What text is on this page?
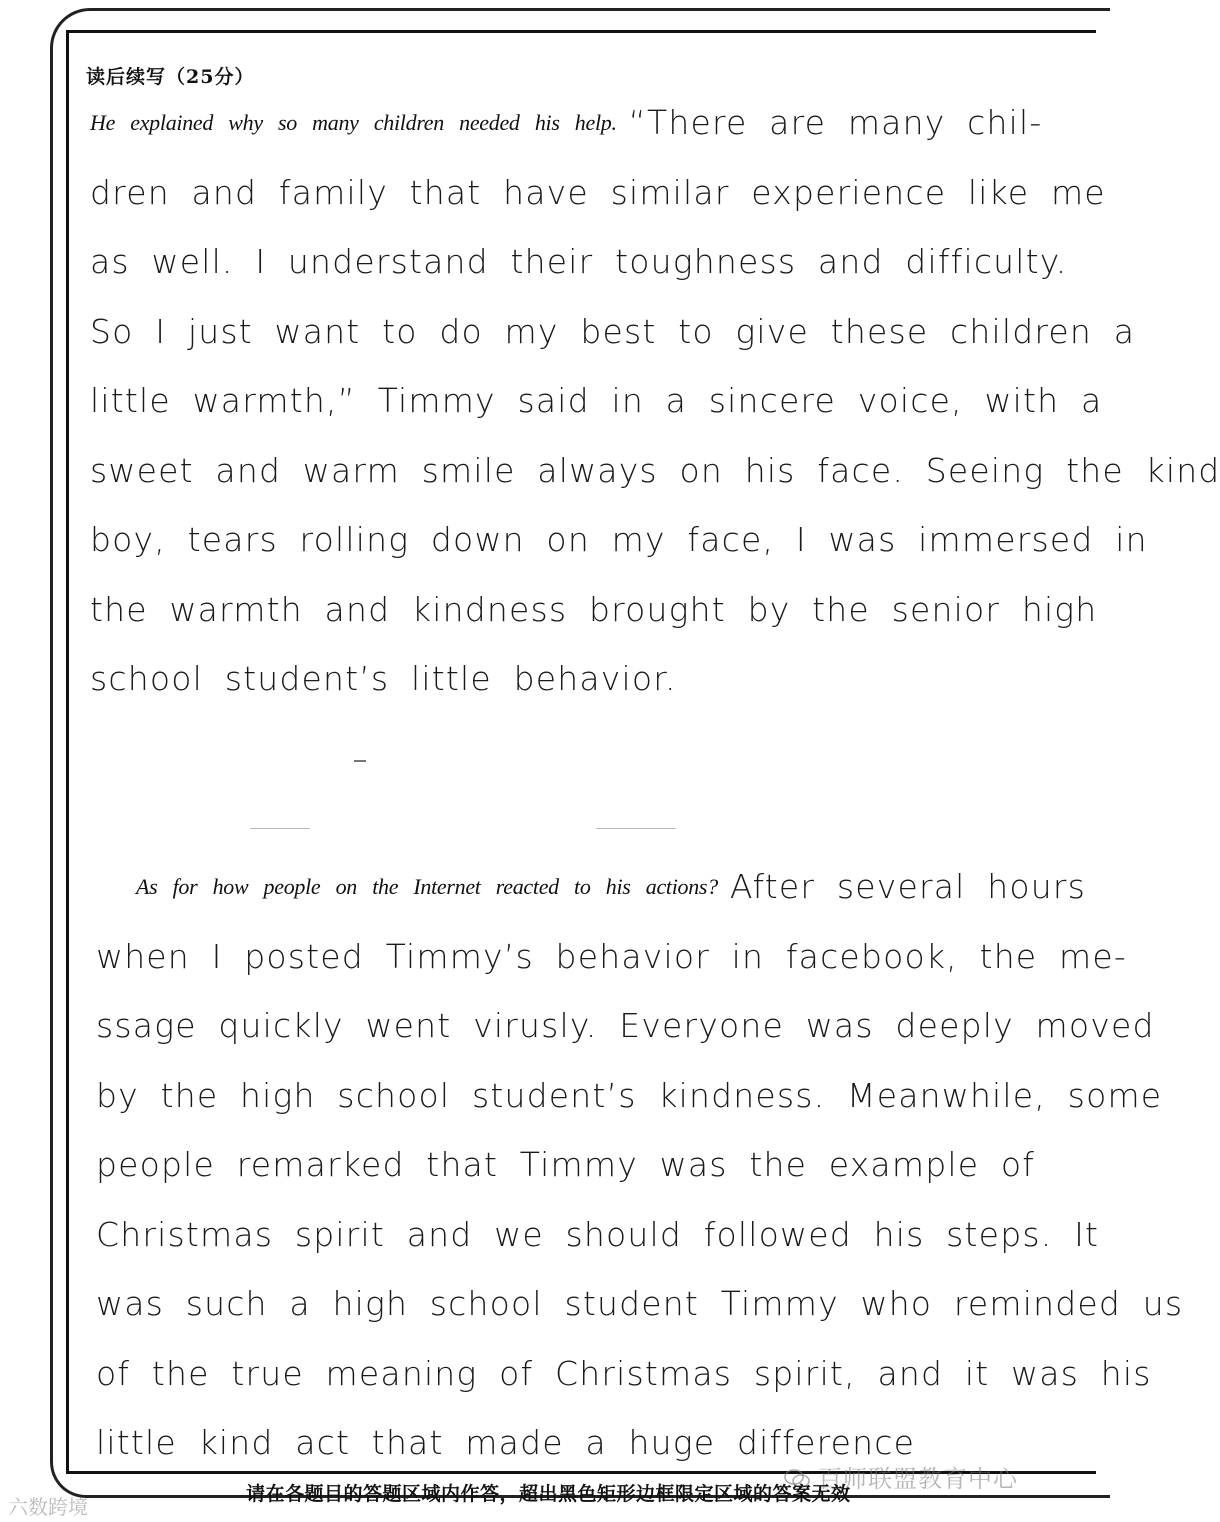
读后续写（25分）
He explained why so many children needed his help. “There are many chil-
dren and family that have similar experience like me
as well. I understand their toughness and difficulty.
So I just want to do my best to give these children a
little warmth,” Timmy said in a sincere voice, with a
sweet and warm smile always on his face. Seeing the kind
boy, tears rolling down on my face, I was immersed in
the warmth and kindness brought by the senior high
school student’s little behavior.
As for how people on the Internet reacted to his actions? After several hours
when I posted Timmy’s behavior in facebook, the me-
ssage quickly went virusly. Everyone was deeply moved
by the high school student’s kindness. Meanwhile, some
people remarked that Timmy was the example of
Christmas spirit and we should followed his steps. It
was such a high school student Timmy who reminded us
of the true meaning of Christmas spirit, and it was his
little kind act that made a huge difference
百师联盟教育中心
请在各题目的答题区域内作答，超出黑色矩形边框限定区域的答案无效
六数跨境
